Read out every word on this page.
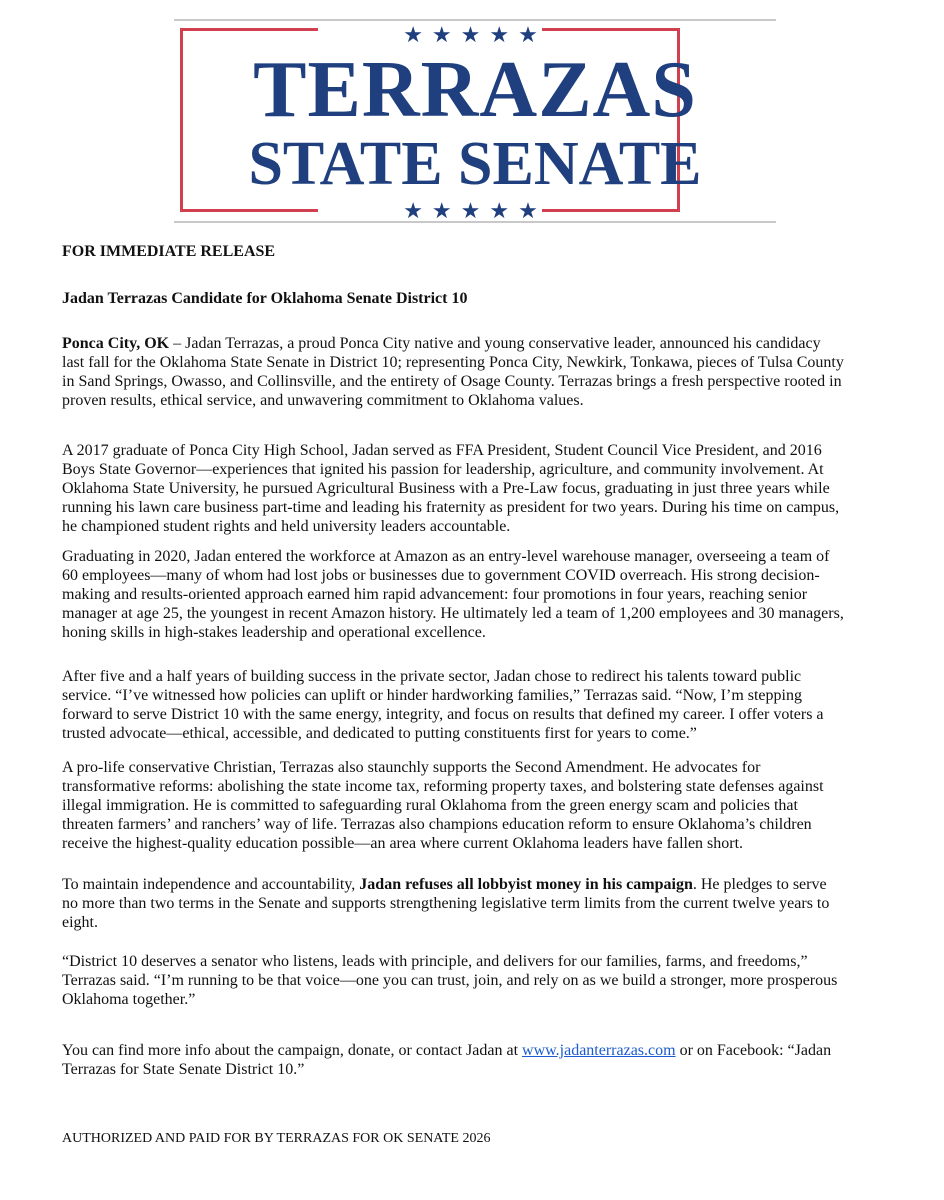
★★★★★
TERRAZAS
STATE SENATE
★★★★★
FOR IMMEDIATE RELEASE
Jadan Terrazas Candidate for Oklahoma Senate District 10
Ponca City, OK – Jadan Terrazas, a proud Ponca City native and young conservative leader, announced his candidacy
last fall for the Oklahoma State Senate in District 10; representing Ponca City, Newkirk, Tonkawa, pieces of Tulsa County
in Sand Springs, Owasso, and Collinsville, and the entirety of Osage County. Terrazas brings a fresh perspective rooted in
proven results, ethical service, and unwavering commitment to Oklahoma values.
A 2017 graduate of Ponca City High School, Jadan served as FFA President, Student Council Vice President, and 2016
Boys State Governor—experiences that ignited his passion for leadership, agriculture, and community involvement. At
Oklahoma State University, he pursued Agricultural Business with a Pre-Law focus, graduating in just three years while
running his lawn care business part-time and leading his fraternity as president for two years. During his time on campus,
he championed student rights and held university leaders accountable.
Graduating in 2020, Jadan entered the workforce at Amazon as an entry-level warehouse manager, overseeing a team of
60 employees—many of whom had lost jobs or businesses due to government COVID overreach. His strong decision-
making and results-oriented approach earned him rapid advancement: four promotions in four years, reaching senior
manager at age 25, the youngest in recent Amazon history. He ultimately led a team of 1,200 employees and 30 managers,
honing skills in high-stakes leadership and operational excellence.
After five and a half years of building success in the private sector, Jadan chose to redirect his talents toward public
service. “I’ve witnessed how policies can uplift or hinder hardworking families,” Terrazas said. “Now, I’m stepping
forward to serve District 10 with the same energy, integrity, and focus on results that defined my career. I offer voters a
trusted advocate—ethical, accessible, and dedicated to putting constituents first for years to come.”
A pro-life conservative Christian, Terrazas also staunchly supports the Second Amendment. He advocates for
transformative reforms: abolishing the state income tax, reforming property taxes, and bolstering state defenses against
illegal immigration. He is committed to safeguarding rural Oklahoma from the green energy scam and policies that
threaten farmers’ and ranchers’ way of life. Terrazas also champions education reform to ensure Oklahoma’s children
receive the highest-quality education possible—an area where current Oklahoma leaders have fallen short.
To maintain independence and accountability, Jadan refuses all lobbyist money in his campaign. He pledges to serve
no more than two terms in the Senate and supports strengthening legislative term limits from the current twelve years to
eight.
“District 10 deserves a senator who listens, leads with principle, and delivers for our families, farms, and freedoms,”
Terrazas said. “I’m running to be that voice—one you can trust, join, and rely on as we build a stronger, more prosperous
Oklahoma together.”
You can find more info about the campaign, donate, or contact Jadan at www.jadanterrazas.com or on Facebook: “Jadan
Terrazas for State Senate District 10.”
AUTHORIZED AND PAID FOR BY TERRAZAS FOR OK SENATE 2026
